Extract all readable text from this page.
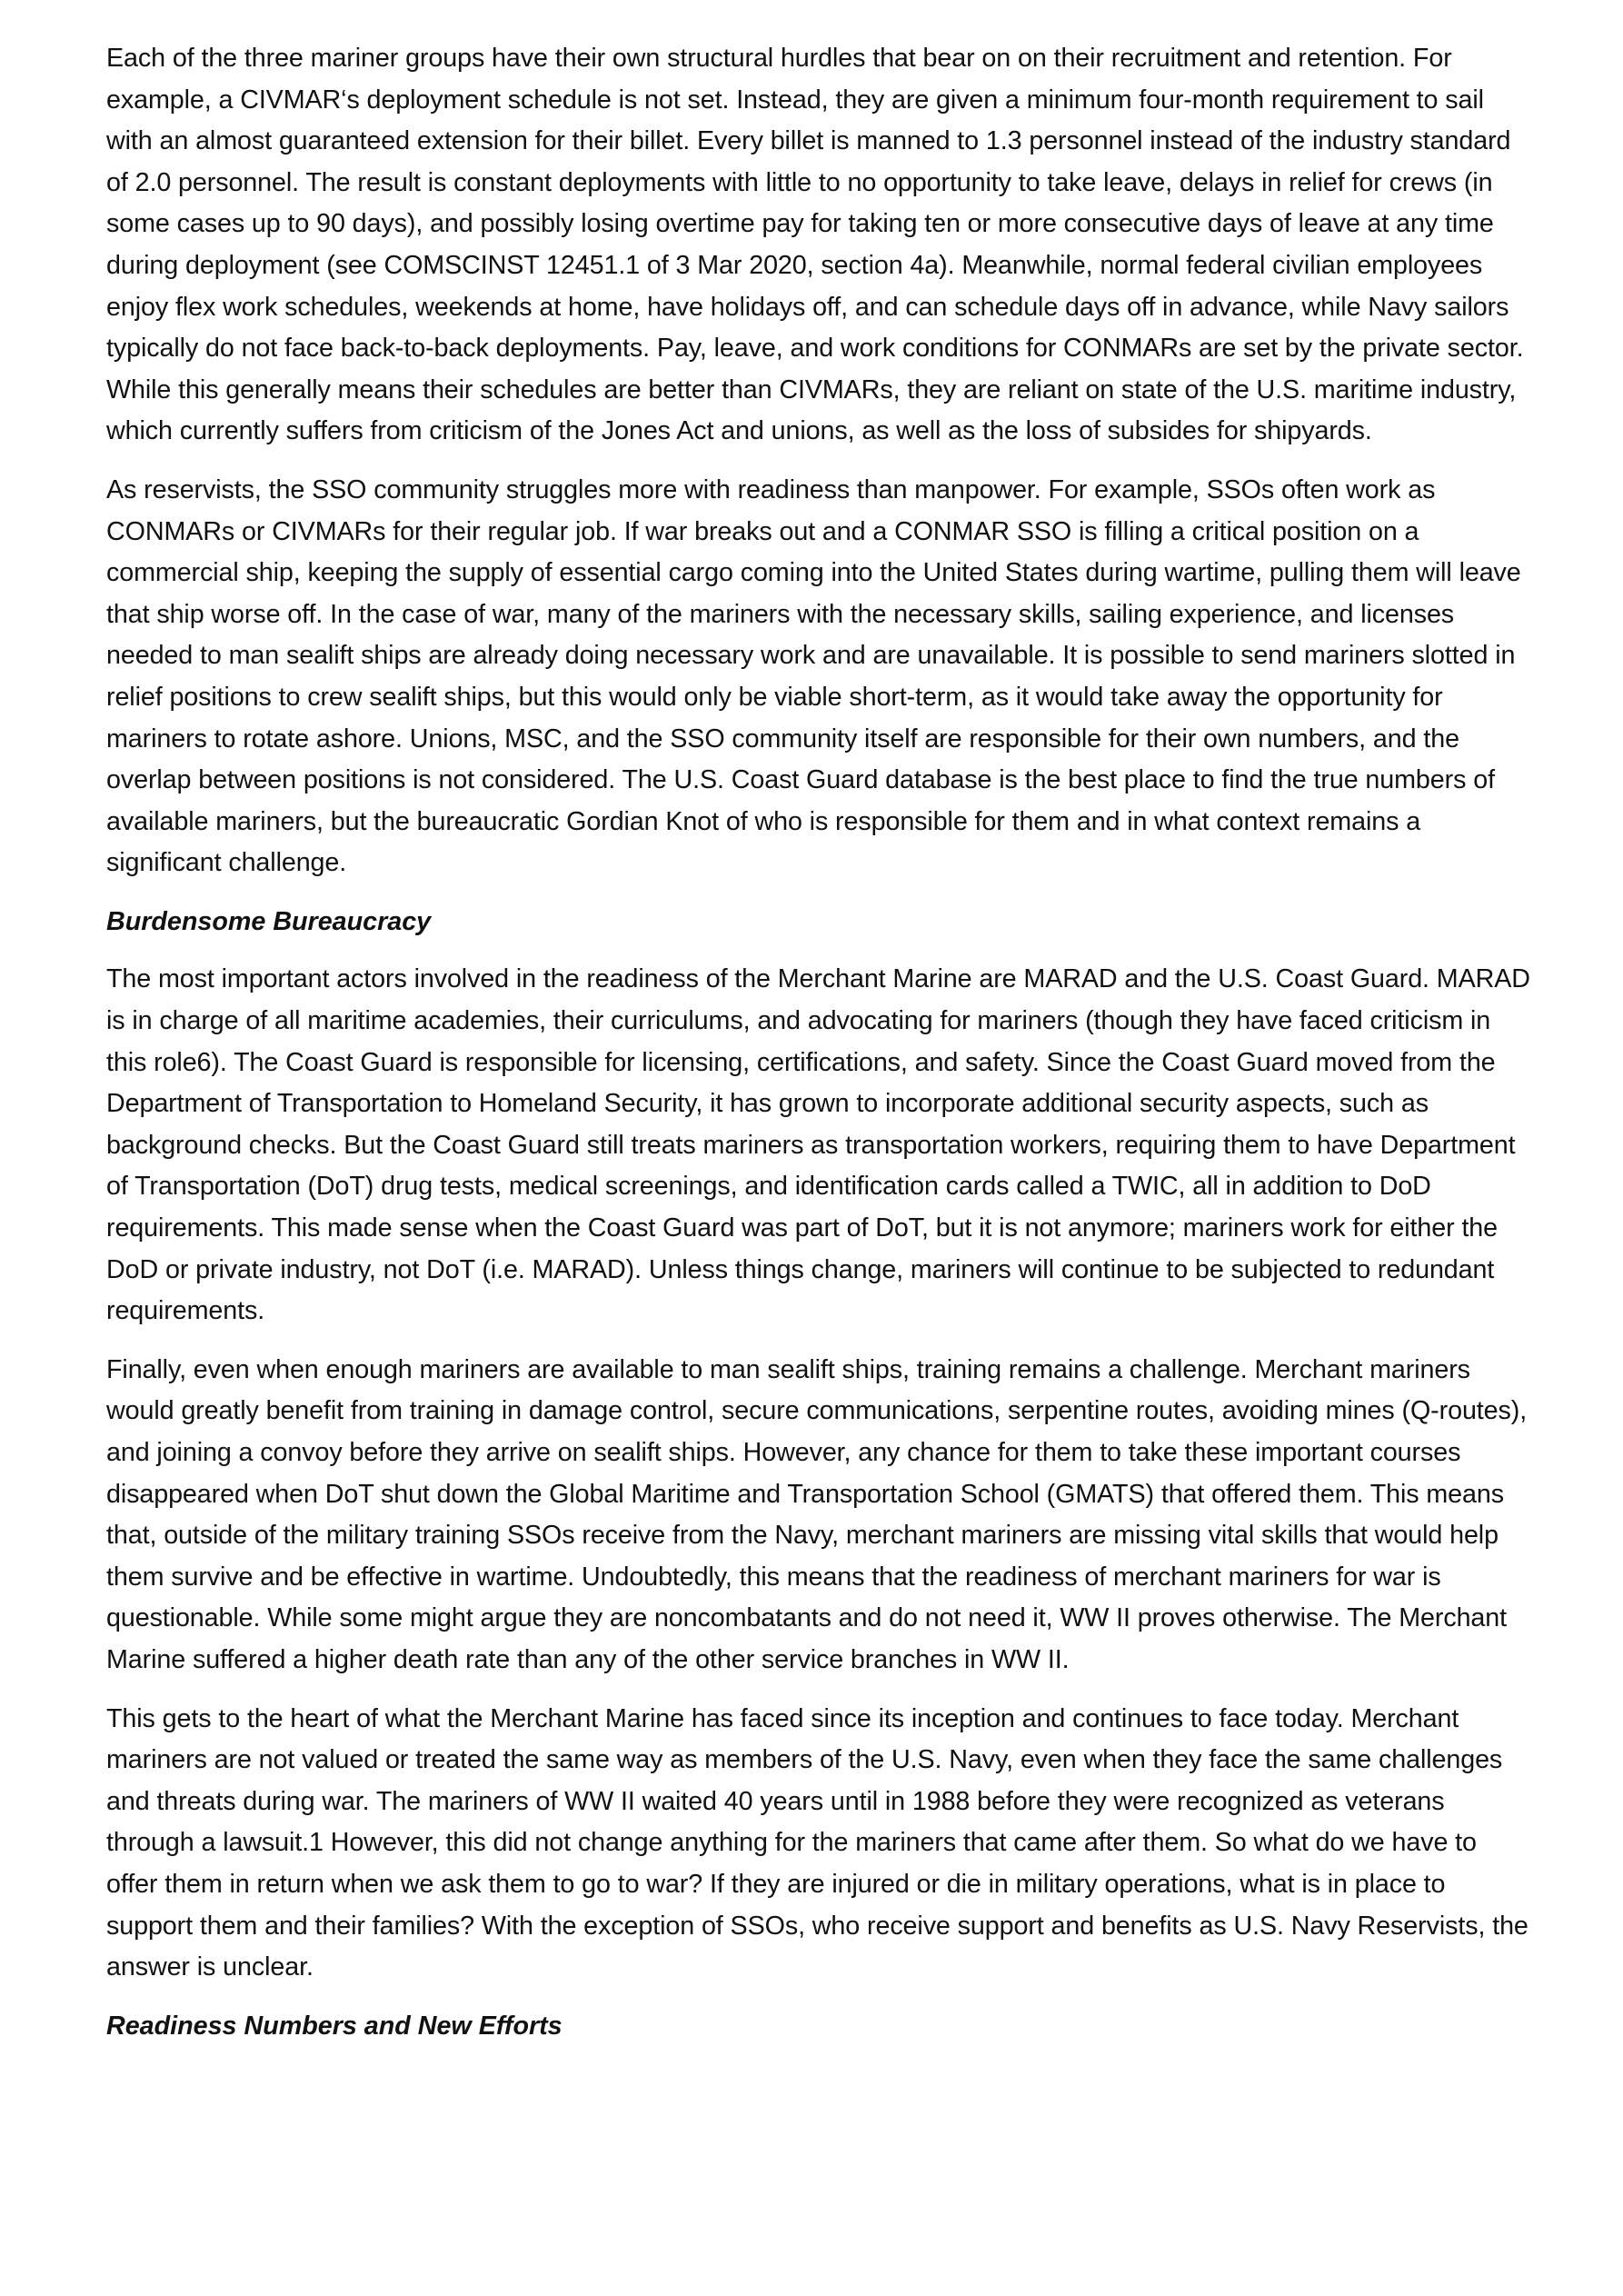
Each of the three mariner groups have their own structural hurdles that bear on on their recruitment and retention. For example, a CIVMAR‘s deployment schedule is not set. Instead, they are given a minimum four-month requirement to sail with an almost guaranteed extension for their billet. Every billet is manned to 1.3 personnel instead of the industry standard of 2.0 personnel. The result is constant deployments with little to no opportunity to take leave, delays in relief for crews (in some cases up to 90 days), and possibly losing overtime pay for taking ten or more consecutive days of leave at any time during deployment (see COMSCINST 12451.1 of 3 Mar 2020, section 4a). Meanwhile, normal federal civilian employees enjoy flex work schedules, weekends at home, have holidays off, and can schedule days off in advance, while Navy sailors typically do not face back-to-back deployments. Pay, leave, and work conditions for CONMARs are set by the private sector. While this generally means their schedules are better than CIVMARs, they are reliant on state of the U.S. maritime industry, which currently suffers from criticism of the Jones Act and unions, as well as the loss of subsides for shipyards.

As reservists, the SSO community struggles more with readiness than manpower. For example, SSOs often work as CONMARs or CIVMARs for their regular job. If war breaks out and a CONMAR SSO is filling a critical position on a commercial ship, keeping the supply of essential cargo coming into the United States during wartime, pulling them will leave that ship worse off. In the case of war, many of the mariners with the necessary skills, sailing experience, and licenses needed to man sealift ships are already doing necessary work and are unavailable. It is possible to send mariners slotted in relief positions to crew sealift ships, but this would only be viable short-term, as it would take away the opportunity for mariners to rotate ashore. Unions, MSC, and the SSO community itself are responsible for their own numbers, and the overlap between positions is not considered. The U.S. Coast Guard database is the best place to find the true numbers of available mariners, but the bureaucratic Gordian Knot of who is responsible for them and in what context remains a significant challenge.

Burdensome Bureaucracy

The most important actors involved in the readiness of the Merchant Marine are MARAD and the U.S. Coast Guard. MARAD is in charge of all maritime academies, their curriculums, and advocating for mariners (though they have faced criticism in this role6). The Coast Guard is responsible for licensing, certifications, and safety. Since the Coast Guard moved from the Department of Transportation to Homeland Security, it has grown to incorporate additional security aspects, such as background checks. But the Coast Guard still treats mariners as transportation workers, requiring them to have Department of Transportation (DoT) drug tests, medical screenings, and identification cards called a TWIC, all in addition to DoD requirements. This made sense when the Coast Guard was part of DoT, but it is not anymore; mariners work for either the DoD or private industry, not DoT (i.e. MARAD). Unless things change, mariners will continue to be subjected to redundant requirements.

Finally, even when enough mariners are available to man sealift ships, training remains a challenge. Merchant mariners would greatly benefit from training in damage control, secure communications, serpentine routes, avoiding mines (Q-routes), and joining a convoy before they arrive on sealift ships. However, any chance for them to take these important courses disappeared when DoT shut down the Global Maritime and Transportation School (GMATS) that offered them. This means that, outside of the military training SSOs receive from the Navy, merchant mariners are missing vital skills that would help them survive and be effective in wartime. Undoubtedly, this means that the readiness of merchant mariners for war is questionable. While some might argue they are noncombatants and do not need it, WW II proves otherwise. The Merchant Marine suffered a higher death rate than any of the other service branches in WW II.

This gets to the heart of what the Merchant Marine has faced since its inception and continues to face today. Merchant mariners are not valued or treated the same way as members of the U.S. Navy, even when they face the same challenges and threats during war. The mariners of WW II waited 40 years until in 1988 before they were recognized as veterans through a lawsuit.1 However, this did not change anything for the mariners that came after them. So what do we have to offer them in return when we ask them to go to war? If they are injured or die in military operations, what is in place to support them and their families? With the exception of SSOs, who receive support and benefits as U.S. Navy Reservists, the answer is unclear.

Readiness Numbers and New Efforts
